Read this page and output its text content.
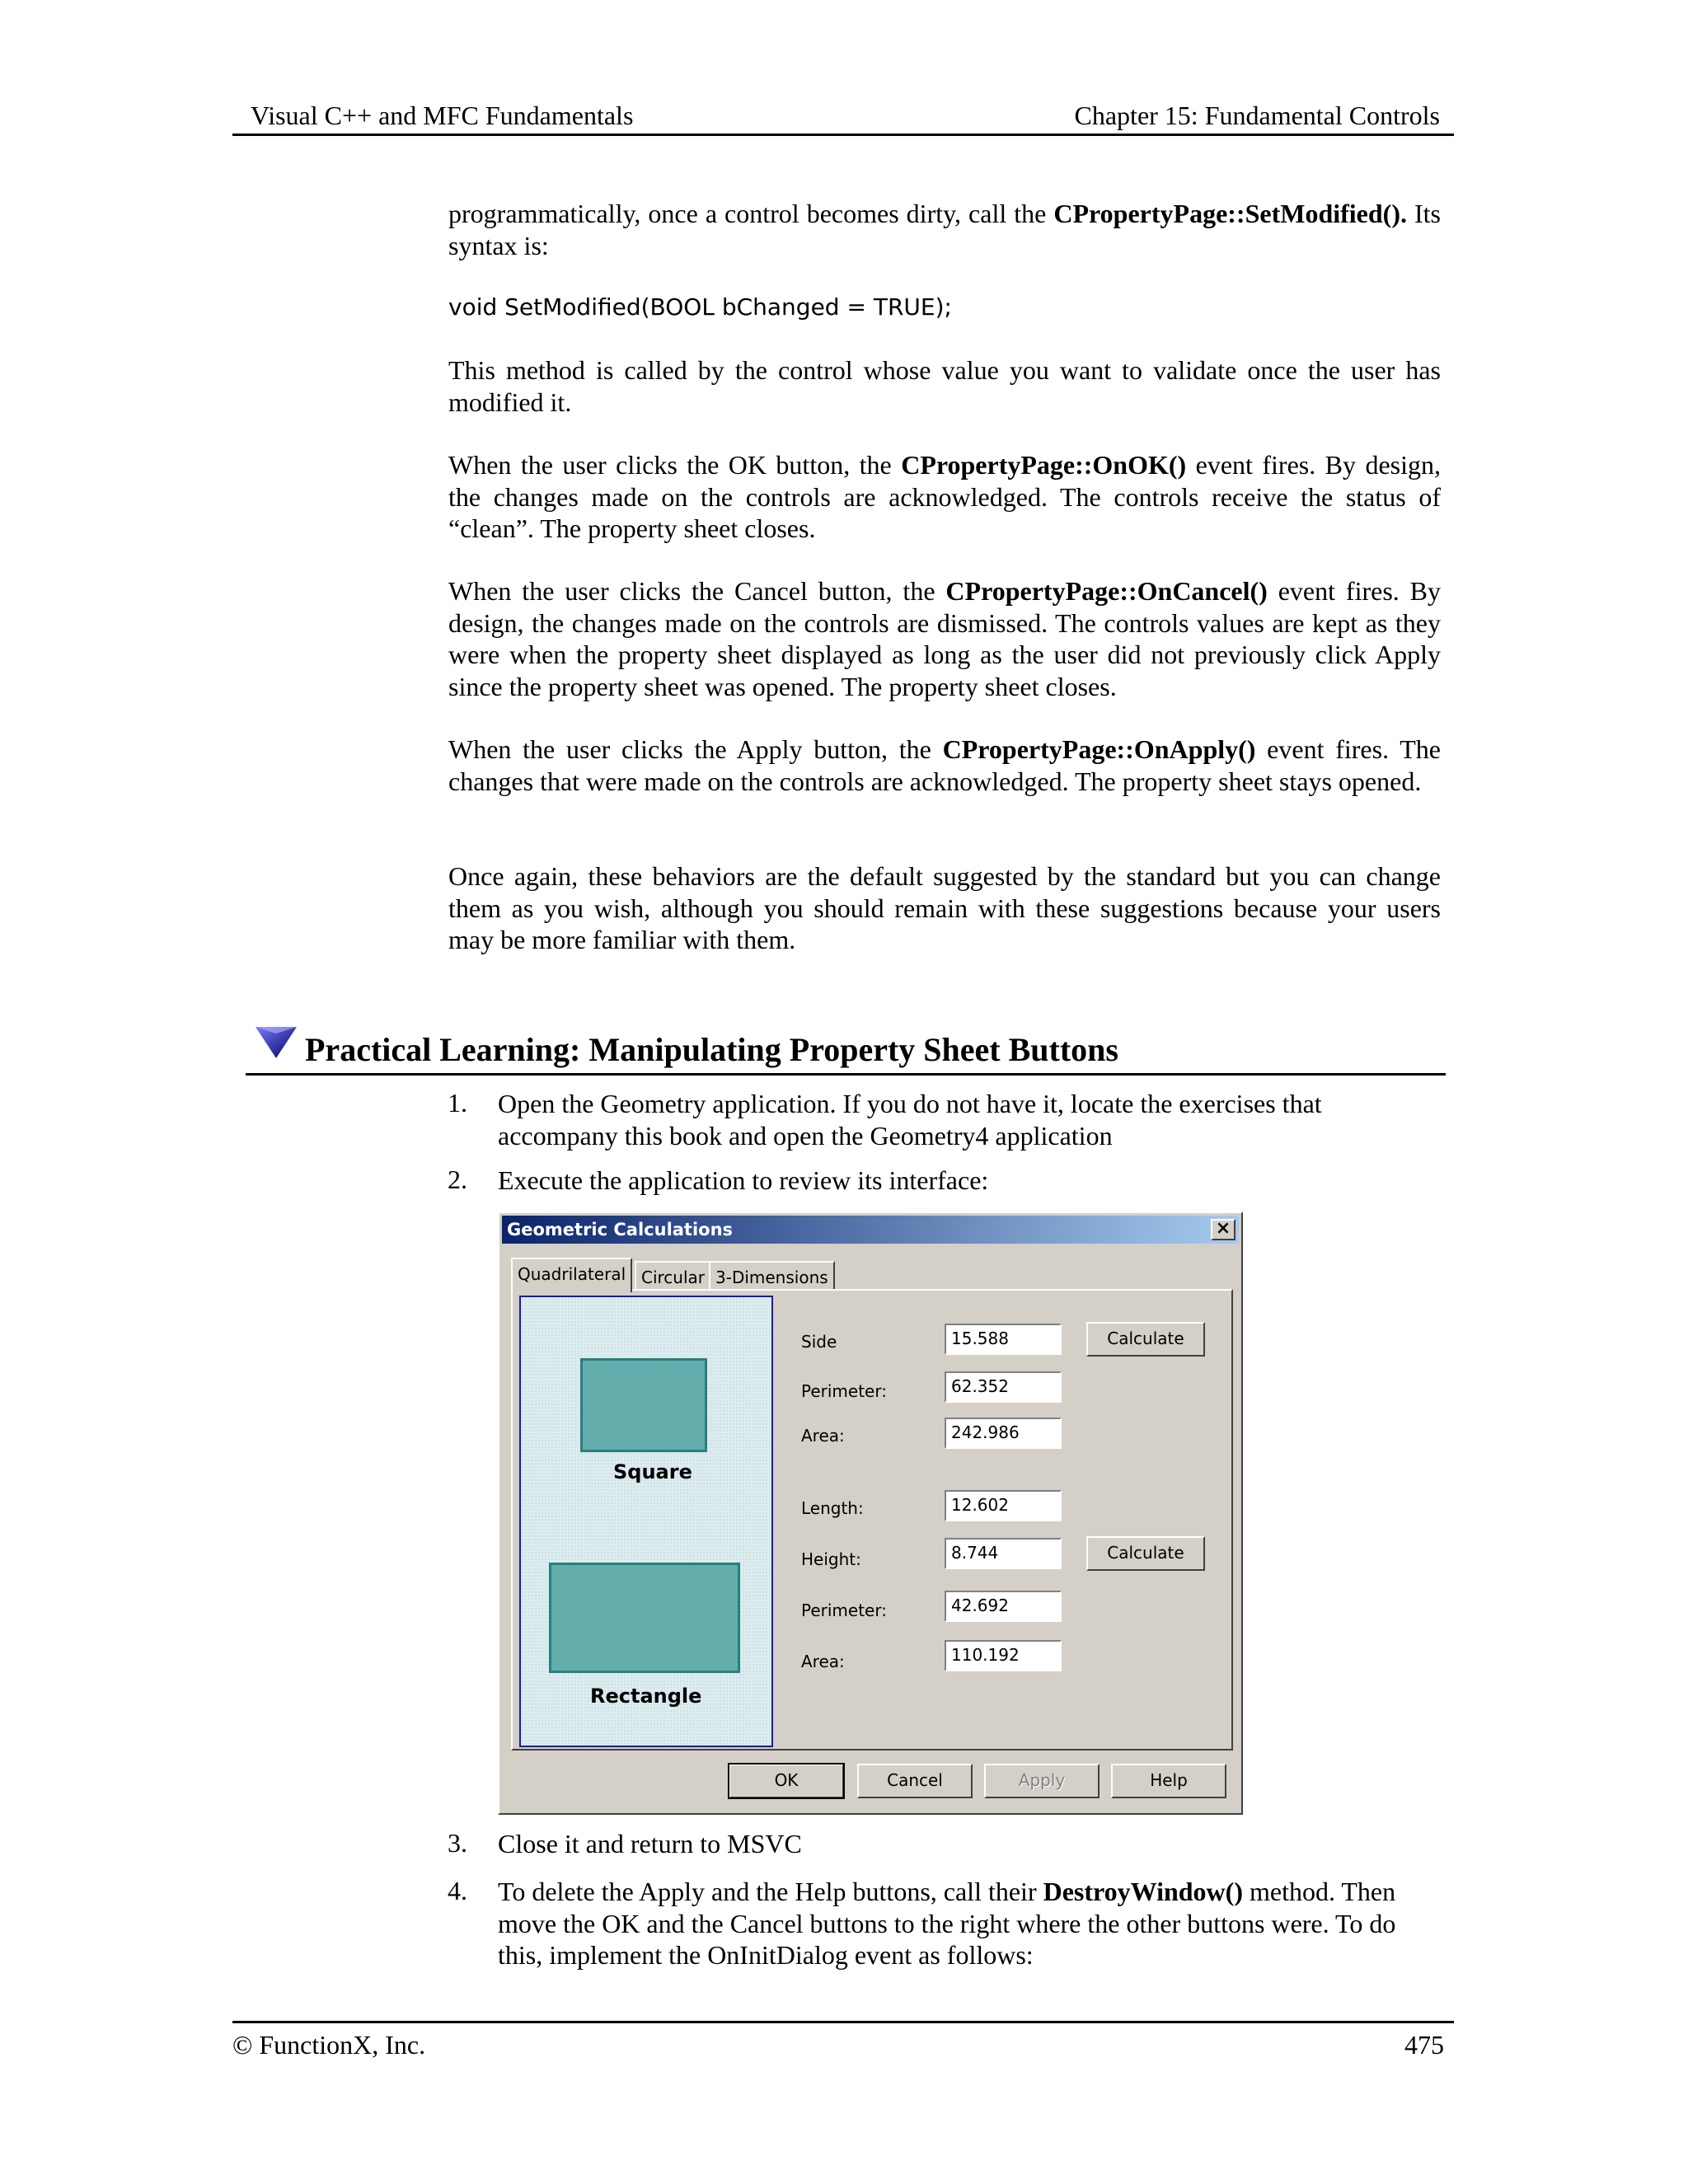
Visual C++ and MFC Fundamentals	Chapter 15: Fundamental Controls
programmatically, once a control becomes dirty, call the CPropertyPage::SetModified(). Its syntax is:
void SetModified(BOOL bChanged = TRUE);
This method is called by the control whose value you want to validate once the user has modified it.
When the user clicks the OK button, the CPropertyPage::OnOK() event fires. By design, the changes made on the controls are acknowledged. The controls receive the status of “clean”. The property sheet closes.
When the user clicks the Cancel button, the CPropertyPage::OnCancel() event fires. By design, the changes made on the controls are dismissed. The controls values are kept as they were when the property sheet displayed as long as the user did not previously click Apply since the property sheet was opened. The property sheet closes.
When the user clicks the Apply button, the CPropertyPage::OnApply() event fires. The changes that were made on the controls are acknowledged. The property sheet stays opened.
Once again, these behaviors are the default suggested by the standard but you can change them as you wish, although you should remain with these suggestions because your users may be more familiar with them.
Practical Learning: Manipulating Property Sheet Buttons
1. Open the Geometry application. If you do not have it, locate the exercises that accompany this book and open the Geometry4 application
2. Execute the application to review its interface:
Geometric Calculations	×
Quadrilateral Circular 3-Dimensions
Square
Rectangle
Side	15.588	Calculate
Perimeter:	62.352
Area:	242.986
Length:	12.602
Height:	8.744	Calculate
Perimeter:	42.692
Area:	110.192
OK	Cancel	Apply	Help
3. Close it and return to MSVC
4. To delete the Apply and the Help buttons, call their DestroyWindow() method. Then move the OK and the Cancel buttons to the right where the other buttons were. To do this, implement the OnInitDialog event as follows:
© FunctionX, Inc.	475
